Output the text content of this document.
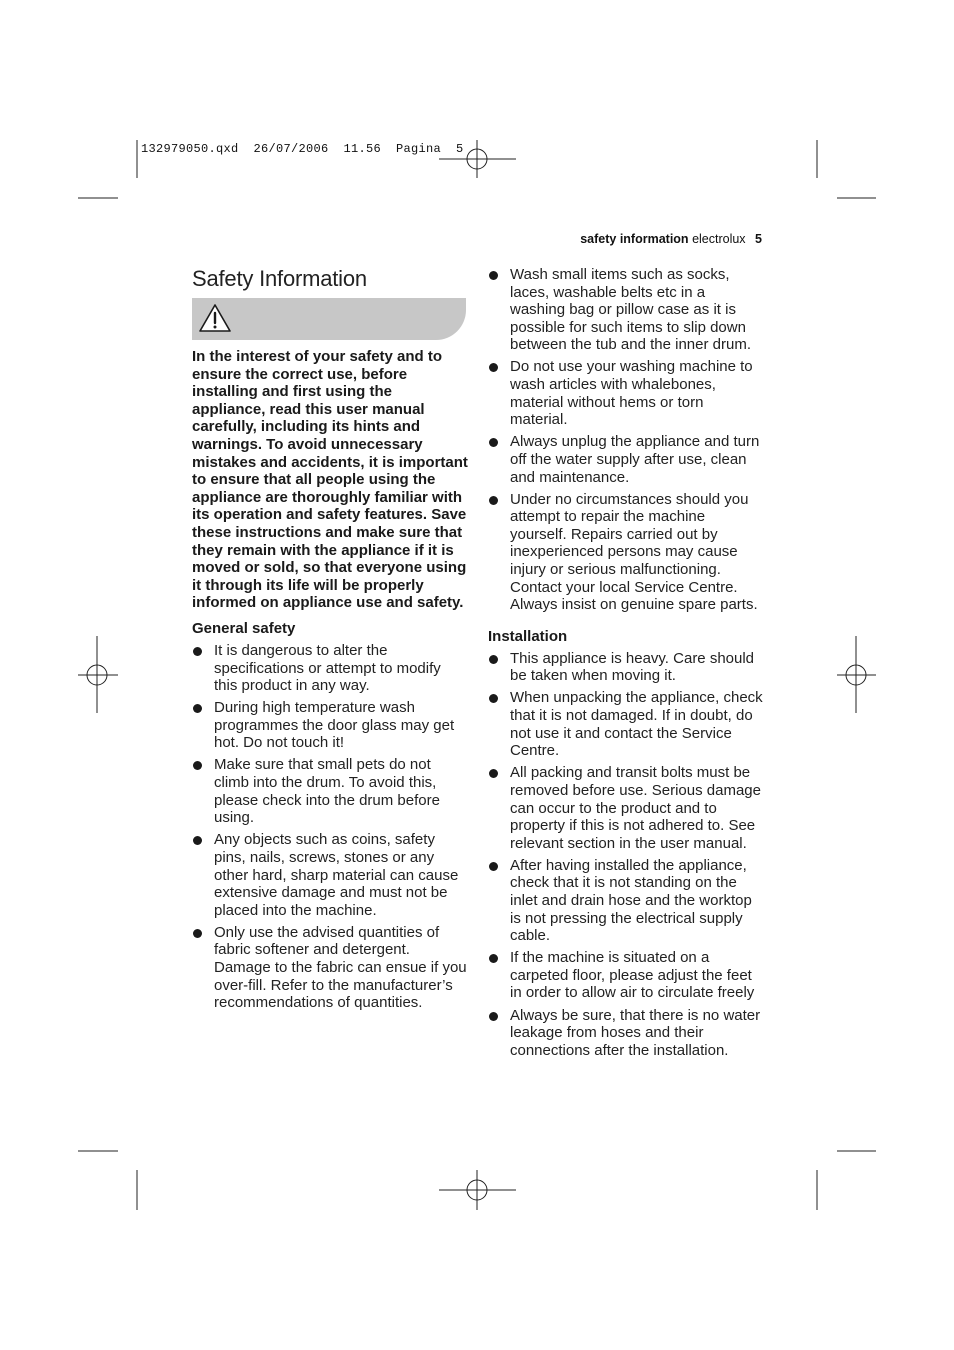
132979050.qxd  26/07/2006  11.56  Pagina  5
safety information electrolux 5
Safety Information

In the interest of your safety and to ensure the correct use, before installing and first using the appliance, read this user manual carefully, including its hints and warnings. To avoid unnecessary mistakes and accidents, it is important to ensure that all people using the appliance are thoroughly familiar with its operation and safety features. Save these instructions and make sure that they remain with the appliance if it is moved or sold, so that everyone using it through its life will be properly informed on appliance use and safety.

General safety
It is dangerous to alter the specifications or attempt to modify this product in any way.
During high temperature wash programmes the door glass may get hot. Do not touch it!
Make sure that small pets do not climb into the drum. To avoid this, please check into the drum before using.
Any objects such as coins, safety pins, nails, screws, stones or any other hard, sharp material can cause extensive damage and must not be placed into the machine.
Only use the advised quantities of fabric softener and detergent. Damage to the fabric can ensue if you over-fill. Refer to the manufacturer’s recommendations of quantities.
Wash small items such as socks, laces, washable belts etc in a washing bag or pillow case as it is possible for such items to slip down between the tub and the inner drum.
Do not use your washing machine to wash articles with whalebones, material without hems or torn material.
Always unplug the appliance and turn off the water supply after use, clean and maintenance.
Under no circumstances should you attempt to repair the machine yourself. Repairs carried out by inexperienced persons may cause injury or serious malfunctioning. Contact your local Service Centre. Always insist on genuine spare parts.
Installation
This appliance is heavy. Care should be taken when moving it.
When unpacking the appliance, check that it is not damaged. If in doubt, do not use it and contact the Service Centre.
All packing and transit bolts must be removed before use. Serious damage can occur to the product and to property if this is not adhered to. See relevant section in the user manual.
After having installed the appliance, check that it is not standing on the inlet and drain hose and the worktop is not pressing the electrical supply cable.
If the machine is situated on a carpeted floor, please adjust the feet in order to allow air to circulate freely
Always be sure, that there is no water leakage from hoses and their connections after the installation.
